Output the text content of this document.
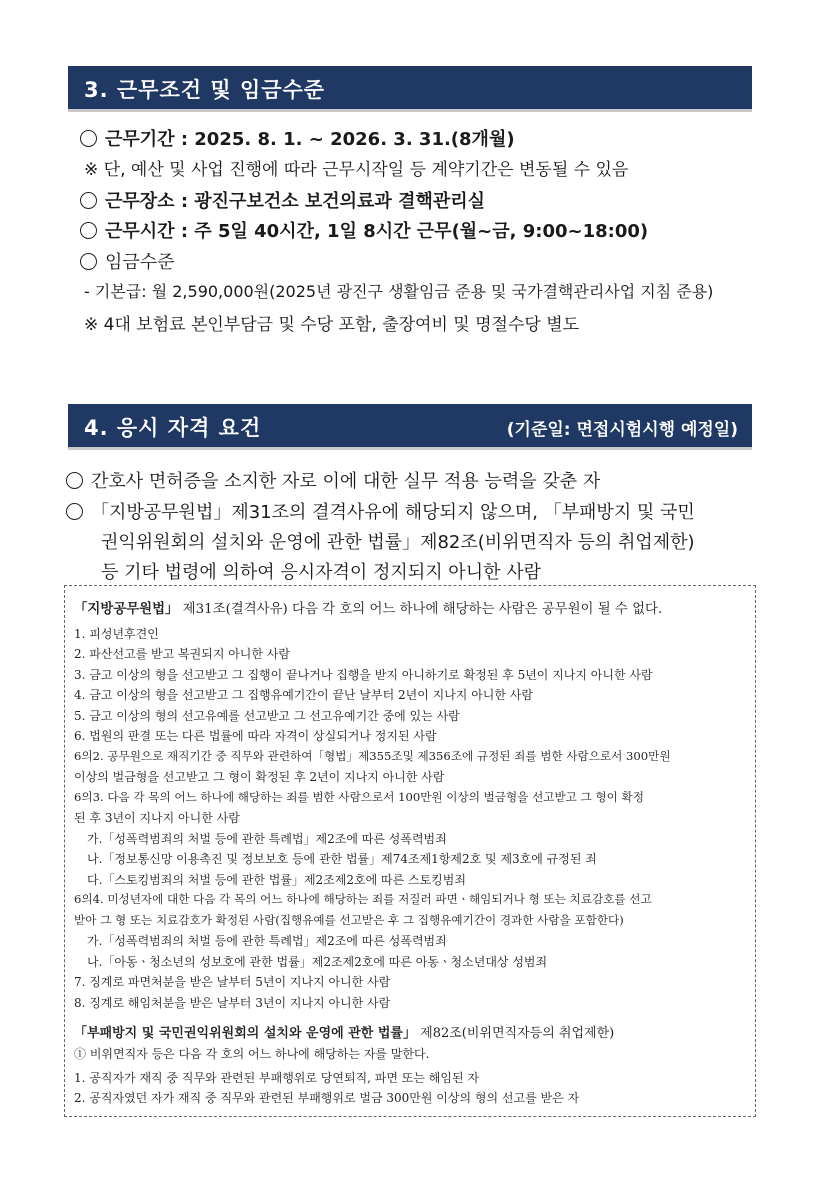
3. 근무조건 및 임금수준
근무기간 : 2025. 8. 1. ~ 2026. 3. 31.(8개월)
※ 단, 예산 및 사업 진행에 따라 근무시작일 등 계약기간은 변동될 수 있음
근무장소 : 광진구보건소 보건의료과 결핵관리실
근무시간 : 주 5일 40시간, 1일 8시간 근무(월~금, 9:00~18:00)
임금수준
- 기본급: 월 2,590,000원(2025년 광진구 생활임금 준용 및 국가결핵관리사업 지침 준용)
※ 4대 보험료 본인부담금 및 수당 포함, 출장여비 및 명절수당 별도
4. 응시 자격 요건	(기준일: 면접시험시행 예정일)
간호사 면허증을 소지한 자로 이에 대한 실무 적용 능력을 갖춘 자
「지방공무원법」제31조의 결격사유에 해당되지 않으며, 「부패방지 및 국민
권익위원회의 설치와 운영에 관한 법률」제82조(비위면직자 등의 취업제한)
등 기타 법령에 의하여 응시자격이 정지되지 아니한 사람
「지방공무원법」 제31조(결격사유) 다음 각 호의 어느 하나에 해당하는 사람은 공무원이 될 수 없다.
1. 피성년후견인
2. 파산선고를 받고 복권되지 아니한 사람
3. 금고 이상의 형을 선고받고 그 집행이 끝나거나 집행을 받지 아니하기로 확정된 후 5년이 지나지 아니한 사람
4. 금고 이상의 형을 선고받고 그 집행유예기간이 끝난 날부터 2년이 지나지 아니한 사람
5. 금고 이상의 형의 선고유예를 선고받고 그 선고유예기간 중에 있는 사람
6. 법원의 판결 또는 다른 법률에 따라 자격이 상실되거나 정지된 사람
6의2. 공무원으로 재직기간 중 직무와 관련하여「형법」제355조및 제356조에 규정된 죄를 범한 사람으로서 300만원
이상의 벌금형을 선고받고 그 형이 확정된 후 2년이 지나지 아니한 사람
6의3. 다음 각 목의 어느 하나에 해당하는 죄를 범한 사람으로서 100만원 이상의 벌금형을 선고받고 그 형이 확정
된 후 3년이 지나지 아니한 사람
가.「성폭력범죄의 처벌 등에 관한 특례법」제2조에 따른 성폭력범죄
나.「정보통신망 이용촉진 및 정보보호 등에 관한 법률」제74조제1항제2호 및 제3호에 규정된 죄
다.「스토킹범죄의 처벌 등에 관한 법률」제2조제2호에 따른 스토킹범죄
6의4. 미성년자에 대한 다음 각 목의 어느 하나에 해당하는 죄를 저질러 파면ㆍ해임되거나 형 또는 치료감호를 선고
받아 그 형 또는 치료감호가 확정된 사람(집행유예를 선고받은 후 그 집행유예기간이 경과한 사람을 포함한다)
가.「성폭력범죄의 처벌 등에 관한 특례법」제2조에 따른 성폭력범죄
나.「아동ㆍ청소년의 성보호에 관한 법률」제2조제2호에 따른 아동ㆍ청소년대상 성범죄
7. 징계로 파면처분을 받은 날부터 5년이 지나지 아니한 사람
8. 징계로 해임처분을 받은 날부터 3년이 지나지 아니한 사람
「부패방지 및 국민권익위원회의 설치와 운영에 관한 법률」 제82조(비위면직자등의 취업제한)
① 비위면직자 등은 다음 각 호의 어느 하나에 해당하는 자를 말한다.
1. 공직자가 재직 중 직무와 관련된 부패행위로 당연퇴직, 파면 또는 해임된 자
2. 공직자였던 자가 재직 중 직무와 관련된 부패행위로 벌금 300만원 이상의 형의 선고를 받은 자
